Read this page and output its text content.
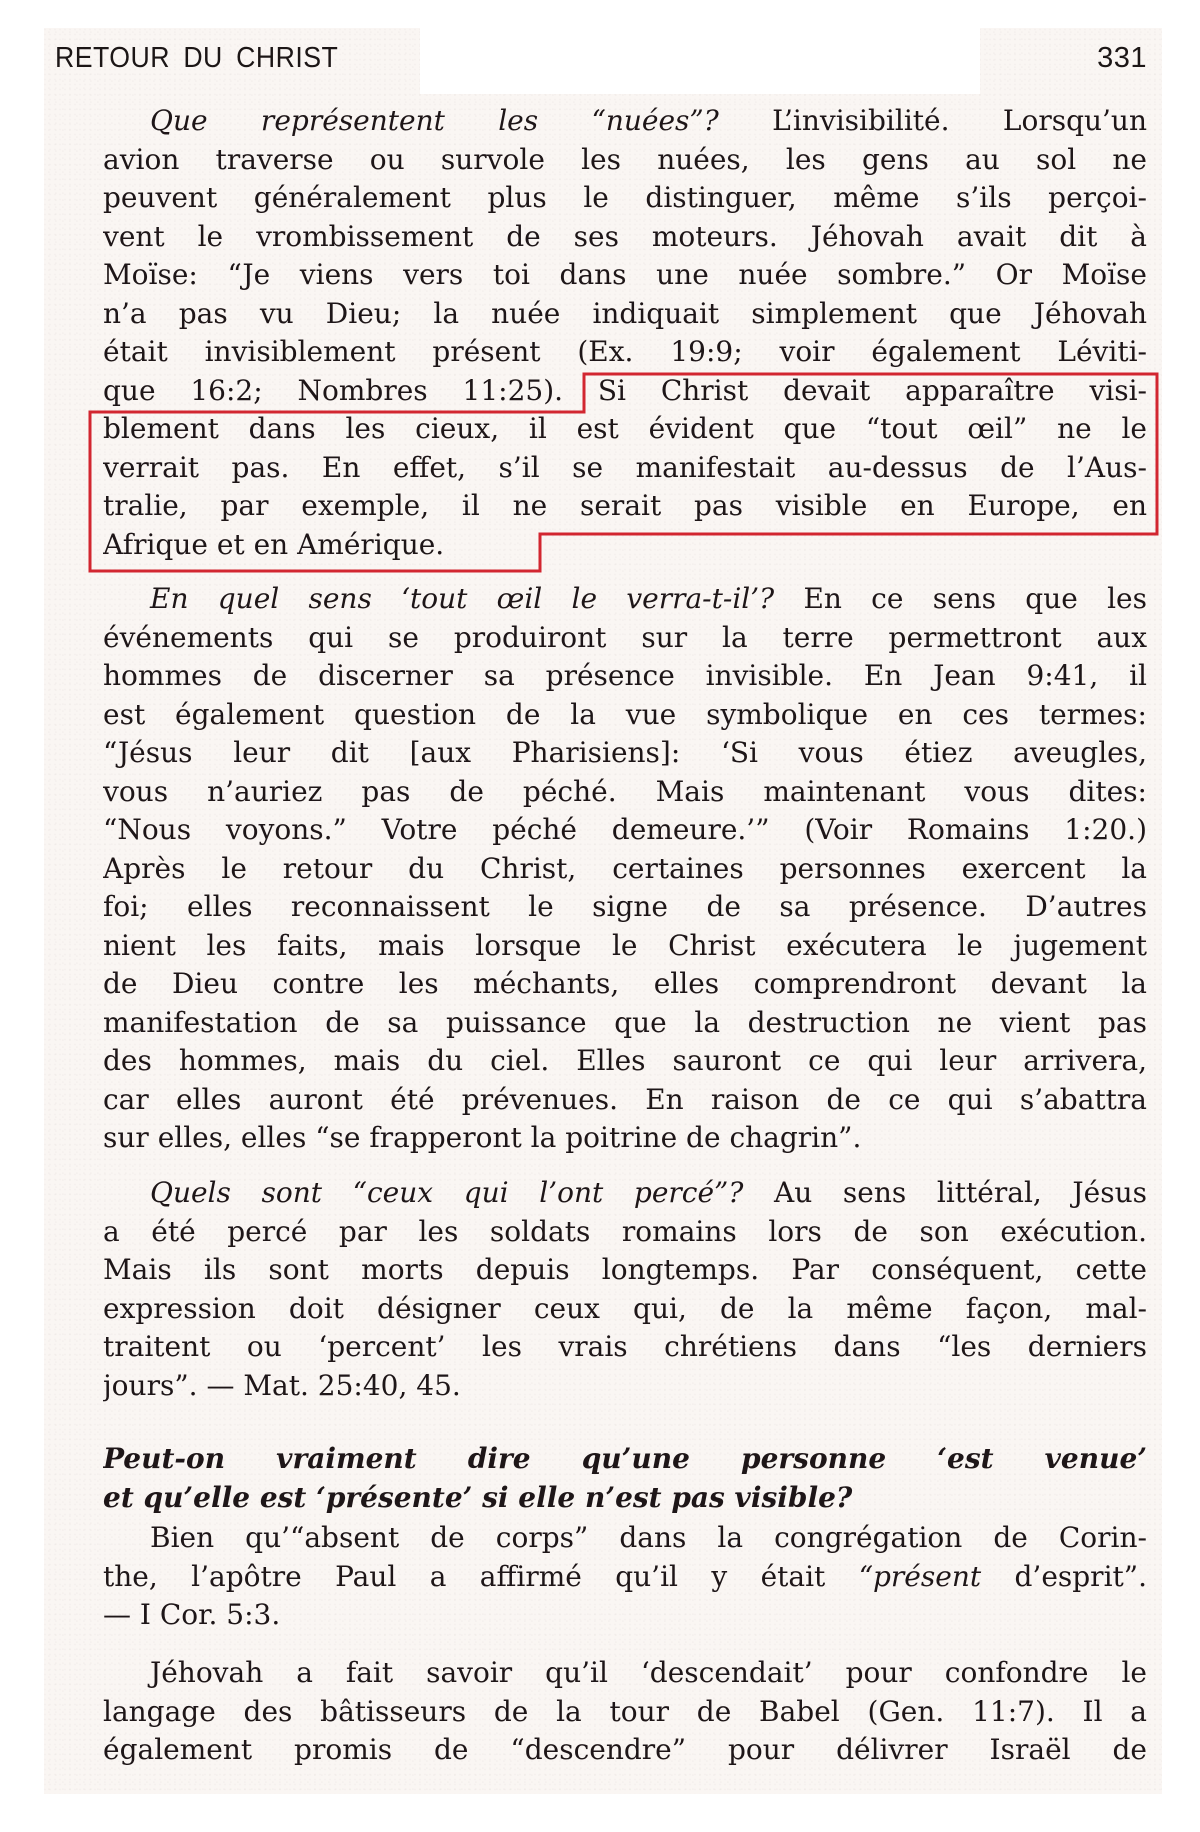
RETOUR DU CHRIST	331
Que représentent les “nuées”? L’invisibilité. Lorsqu’un
avion traverse ou survole les nuées, les gens au sol ne
peuvent généralement plus le distinguer, même s’ils perçoi-
vent le vrombissement de ses moteurs. Jéhovah avait dit à
Moïse: “Je viens vers toi dans une nuée sombre.” Or Moïse
n’a pas vu Dieu; la nuée indiquait simplement que Jéhovah
était invisiblement présent (Ex. 19:9; voir également Léviti-
que 16:2; Nombres 11:25). Si Christ devait apparaître visi-
blement dans les cieux, il est évident que “tout œil” ne le
verrait pas. En effet, s’il se manifestait au-dessus de l’Aus-
tralie, par exemple, il ne serait pas visible en Europe, en
Afrique et en Amérique.
En quel sens ‘tout œil le verra-t-il’? En ce sens que les
événements qui se produiront sur la terre permettront aux
hommes de discerner sa présence invisible. En Jean 9:41, il
est également question de la vue symbolique en ces termes:
“Jésus leur dit [aux Pharisiens]: ‘Si vous étiez aveugles,
vous n’auriez pas de péché. Mais maintenant vous dites:
“Nous voyons.” Votre péché demeure.’” (Voir Romains 1:20.)
Après le retour du Christ, certaines personnes exercent la
foi; elles reconnaissent le signe de sa présence. D’autres
nient les faits, mais lorsque le Christ exécutera le jugement
de Dieu contre les méchants, elles comprendront devant la
manifestation de sa puissance que la destruction ne vient pas
des hommes, mais du ciel. Elles sauront ce qui leur arrivera,
car elles auront été prévenues. En raison de ce qui s’abattra
sur elles, elles “se frapperont la poitrine de chagrin”.
Quels sont “ceux qui l’ont percé”? Au sens littéral, Jésus
a été percé par les soldats romains lors de son exécution.
Mais ils sont morts depuis longtemps. Par conséquent, cette
expression doit désigner ceux qui, de la même façon, mal-
traitent ou ‘percent’ les vrais chrétiens dans “les derniers
jours”. — Mat. 25:40, 45.
Peut-on vraiment dire qu’une personne ‘est venue’
et qu’elle est ‘présente’ si elle n’est pas visible?
Bien qu’“absent de corps” dans la congrégation de Corin-
the, l’apôtre Paul a affirmé qu’il y était “présent d’esprit”.
— I Cor. 5:3.
Jéhovah a fait savoir qu’il ‘descendait’ pour confondre le
langage des bâtisseurs de la tour de Babel (Gen. 11:7). Il a
également promis de “descendre” pour délivrer Israël de
